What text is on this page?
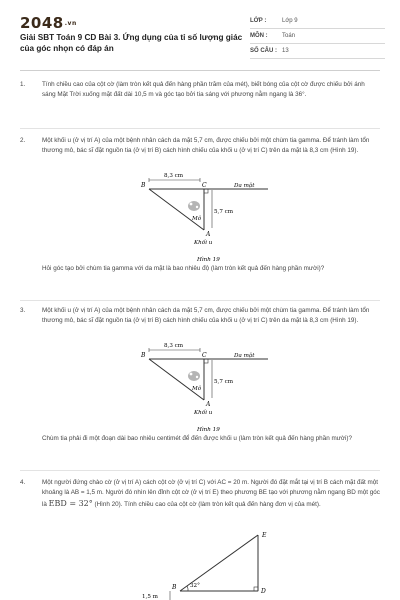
2048.vn
Giải SBT Toán 9 CD Bài 3. Ứng dụng của tỉ số lượng giác của góc nhọn có đáp án
LỚP :	Lớp 9
MÔN :	Toán
SỐ CÂU : 13
1.	Tính chiều cao của cột cờ (làm tròn kết quả đến hàng phần trăm của mét), biết bóng của cột cờ được chiếu bởi ánh sáng Mặt Trời xuống mặt đất dài 10,5 m và góc tạo bởi tia sáng với phương nằm ngang là 36°.
2.	Một khối u (ở vị trí A) của một bệnh nhân cách da mặt 5,7 cm, được chiếu bởi một chùm tia gamma. Để tránh làm tổn thương mô, bác sĩ đặt nguồn tia (ở vị trí B) cách hình chiếu của khối u (ở vị trí C) trên da mặt là 8,3 cm (Hình 19).
8,3 cm
B	C	Da mặt
5,7 cm
Mô
A
Khối u
Hình 19
Hỏi góc tạo bởi chùm tia gamma với da mặt là bao nhiêu độ (làm tròn kết quả đến hàng phần mười)?
3.	Một khối u (ở vị trí A) của một bệnh nhân cách da mặt 5,7 cm, được chiếu bởi một chùm tia gamma. Để tránh làm tổn thương mô, bác sĩ đặt nguồn tia (ở vị trí B) cách hình chiếu của khối u (ở vị trí C) trên da mặt là 8,3 cm (Hình 19).
8,3 cm
B	C	Da mặt
5,7 cm
Mô
A
Khối u
Hình 19
Chùm tia phải đi một đoạn dài bao nhiêu centimét để đến được khối u (làm tròn kết quả đến hàng phần mười)?
4.	Một người đứng chào cờ (ở vị trí A) cách cột cờ (ở vị trí C) với AC = 20 m. Người đó đặt mắt tại vị trí B cách mặt đất một khoảng là AB = 1,5 m. Người đó nhìn lên đỉnh cột cờ (ở vị trí E) theo phương BE tạo với phương nằm ngang BD một góc là EBD = 32° (Hình 20). Tính chiều cao của cột cờ (làm tròn kết quả đến hàng đơn vị của mét).
E
B 32°
D
1,5 m
